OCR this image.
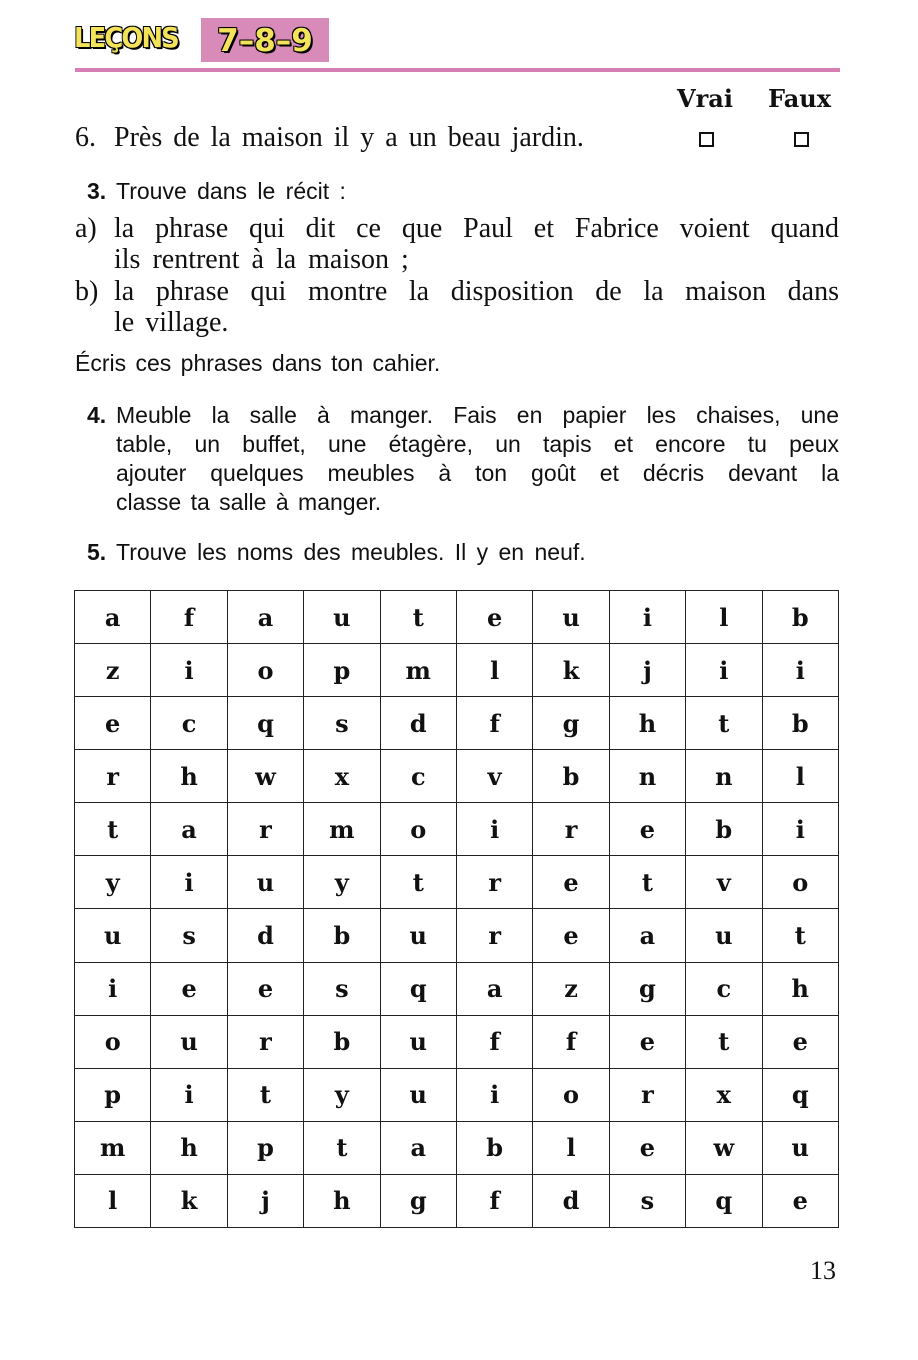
LEÇONS	7–8–9
Vrai Faux
6. Près de la maison il y a un beau jardin.
3. Trouve dans le récit :
a) la phrase qui dit ce que Paul et Fabrice voient quand
ils rentrent à la maison ;
b) la phrase qui montre la disposition de la maison dans
le village.
Écris ces phrases dans ton cahier.
4. Meuble la salle à manger. Fais en papier les chaises, une
table, un buffet, une étagère, un tapis et encore tu peux
ajouter quelques meubles à ton goût et décris devant la
classe ta salle à manger.
5. Trouve les noms des meubles. Il y en neuf.
a	f	a	u	t	e	u	i	l	b
z	i	o	p	m	l	k	j	i	i
e	c	q	s	d	f	g	h	t	b
r	h	w	x	c	v	b	n	n	l
t	a	r	m	o	i	r	e	b	i
y	i	u	y	t	r	e	t	v	o
u	s	d	b	u	r	e	a	u	t
i	e	e	s	q	a	z	g	c	h
o	u	r	b	u	f	f	e	t	e
p	i	t	y	u	i	o	r	x	q
m	h	p	t	a	b	l	e	w	u
l	k	j	h	g	f	d	s	q	e
13
